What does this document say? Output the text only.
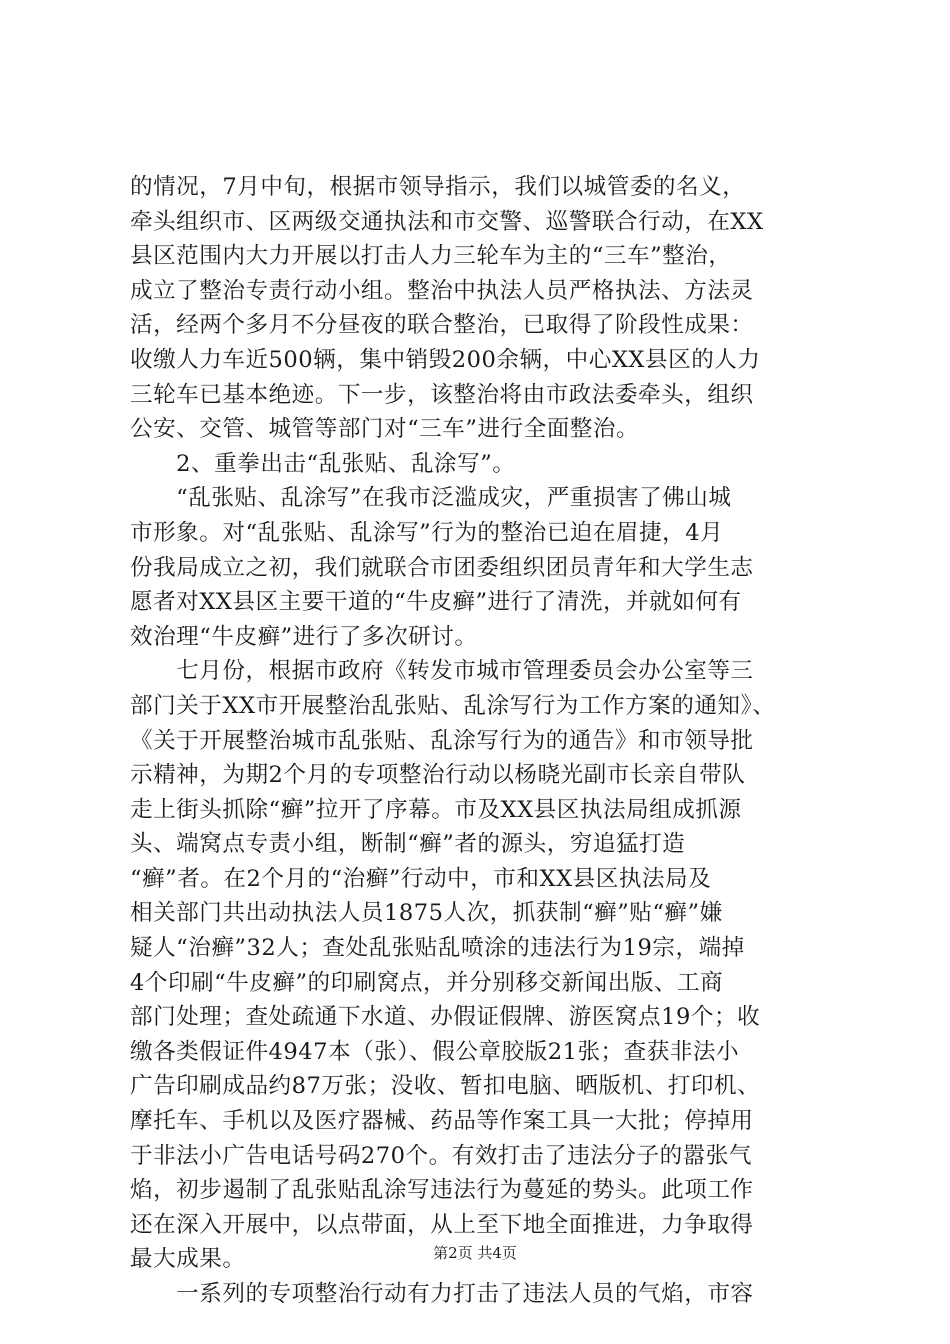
的情况，7月中旬，根据市领导指示，我们以城管委的名义，
牵头组织市、区两级交通执法和市交警、巡警联合行动，在XX
县区范围内大力开展以打击人力三轮车为主的“三车”整治，
成立了整治专责行动小组。整治中执法人员严格执法、方法灵
活，经两个多月不分昼夜的联合整治，已取得了阶段性成果：
收缴人力车近500辆，集中销毁200余辆，中心XX县区的人力
三轮车已基本绝迹。下一步，该整治将由市政法委牵头，组织
公安、交管、城管等部门对“三车”进行全面整治。
　　2、重拳出击“乱张贴、乱涂写”。
　　“乱张贴、乱涂写”在我市泛滥成灾，严重损害了佛山城
市形象。对“乱张贴、乱涂写”行为的整治已迫在眉捷，4月
份我局成立之初，我们就联合市团委组织团员青年和大学生志
愿者对XX县区主要干道的“牛皮癣”进行了清洗，并就如何有
效治理“牛皮癣”进行了多次研讨。
　　七月份，根据市政府《转发市城市管理委员会办公室等三
部门关于XX市开展整治乱张贴、乱涂写行为工作方案的通知》、
《关于开展整治城市乱张贴、乱涂写行为的通告》和市领导批
示精神，为期2个月的专项整治行动以杨晓光副市长亲自带队
走上街头抓除“癣”拉开了序幕。市及XX县区执法局组成抓源
头、端窝点专责小组，断制“癣”者的源头，穷追猛打造
“癣”者。在2个月的“治癣”行动中，市和XX县区执法局及
相关部门共出动执法人员1875人次，抓获制“癣”贴“癣”嫌
疑人“治癣”32人；查处乱张贴乱喷涂的违法行为19宗，端掉
4个印刷“牛皮癣”的印刷窝点，并分别移交新闻出版、工商
部门处理；查处疏通下水道、办假证假牌、游医窝点19个；收
缴各类假证件4947本（张）、假公章胶版21张；查获非法小
广告印刷成品约87万张；没收、暂扣电脑、晒版机、打印机、
摩托车、手机以及医疗器械、药品等作案工具一大批；停掉用
于非法小广告电话号码270个。有效打击了违法分子的嚣张气
焰，初步遏制了乱张贴乱涂写违法行为蔓延的势头。此项工作
还在深入开展中，以点带面，从上至下地全面推进，力争取得
最大成果。
　　一系列的专项整治行动有力打击了违法人员的气焰，市容
第2页 共4页
